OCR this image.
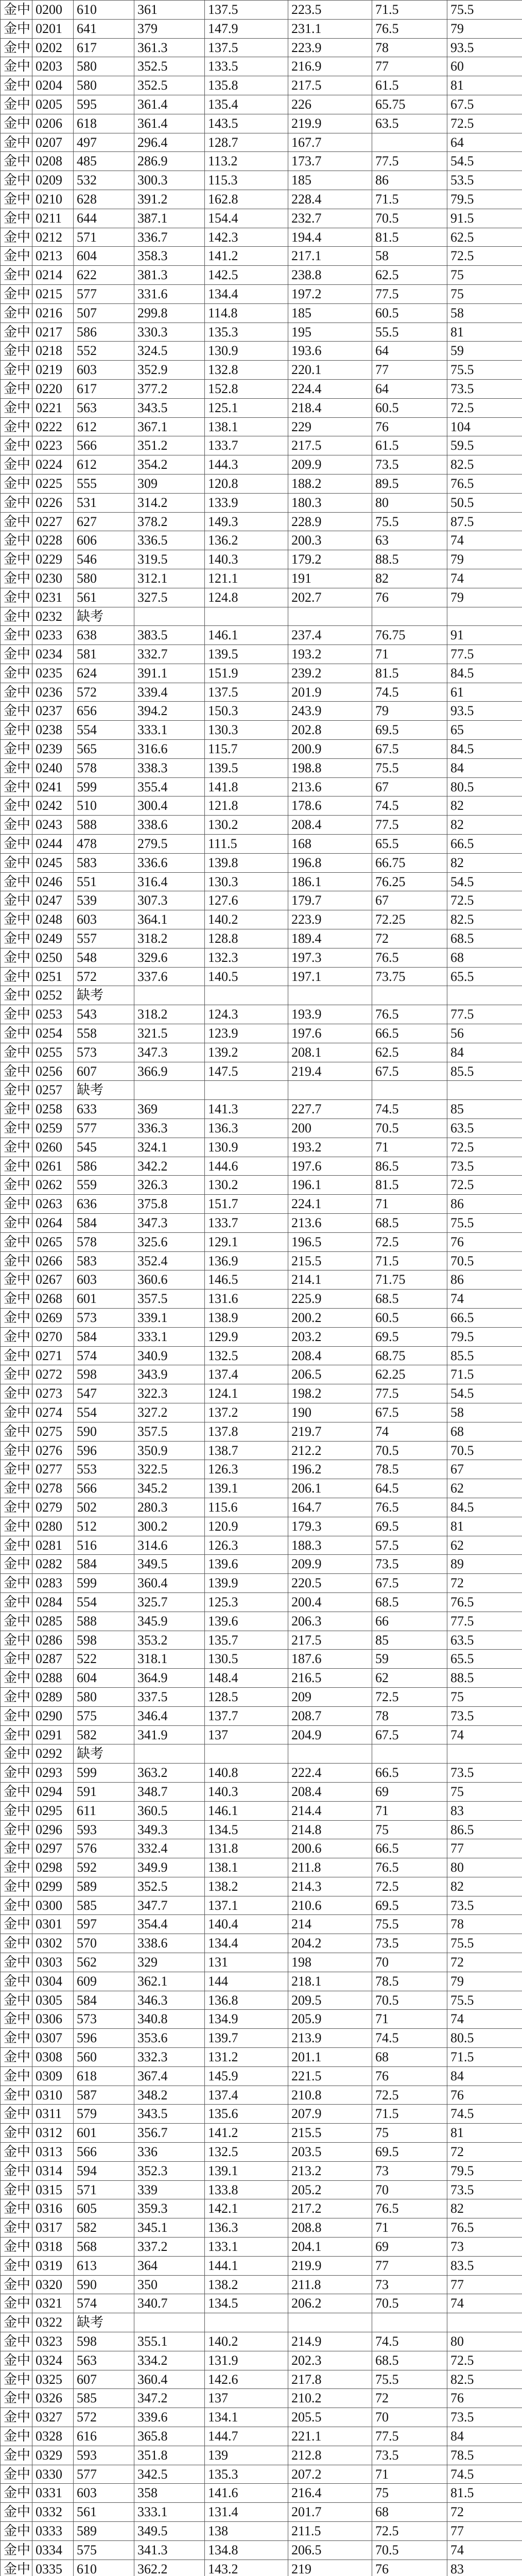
金中	0200	610	361	137.5	223.5	71.5	75.5
金中	0201	641	379	147.9	231.1	76.5	79
金中	0202	617	361.3	137.5	223.9	78	93.5
金中	0203	580	352.5	133.5	216.9	77	60
金中	0204	580	352.5	135.8	217.5	61.5	81
金中	0205	595	361.4	135.4	226	65.75	67.5
金中	0206	618	361.4	143.5	219.9	63.5	72.5
金中	0207	497	296.4	128.7	167.7		64
金中	0208	485	286.9	113.2	173.7	77.5	54.5
金中	0209	532	300.3	115.3	185	86	53.5
金中	0210	628	391.2	162.8	228.4	71.5	79.5
金中	0211	644	387.1	154.4	232.7	70.5	91.5
金中	0212	571	336.7	142.3	194.4	81.5	62.5
金中	0213	604	358.3	141.2	217.1	58	72.5
金中	0214	622	381.3	142.5	238.8	62.5	75
金中	0215	577	331.6	134.4	197.2	77.5	75
金中	0216	507	299.8	114.8	185	60.5	58
金中	0217	586	330.3	135.3	195	55.5	81
金中	0218	552	324.5	130.9	193.6	64	59
金中	0219	603	352.9	132.8	220.1	77	75.5
金中	0220	617	377.2	152.8	224.4	64	73.5
金中	0221	563	343.5	125.1	218.4	60.5	72.5
金中	0222	612	367.1	138.1	229	76	104
金中	0223	566	351.2	133.7	217.5	61.5	59.5
金中	0224	612	354.2	144.3	209.9	73.5	82.5
金中	0225	555	309	120.8	188.2	89.5	76.5
金中	0226	531	314.2	133.9	180.3	80	50.5
金中	0227	627	378.2	149.3	228.9	75.5	87.5
金中	0228	606	336.5	136.2	200.3	63	74
金中	0229	546	319.5	140.3	179.2	88.5	79
金中	0230	580	312.1	121.1	191	82	74
金中	0231	561	327.5	124.8	202.7	76	79
金中	0232	缺考					
金中	0233	638	383.5	146.1	237.4	76.75	91
金中	0234	581	332.7	139.5	193.2	71	77.5
金中	0235	624	391.1	151.9	239.2	81.5	84.5
金中	0236	572	339.4	137.5	201.9	74.5	61
金中	0237	656	394.2	150.3	243.9	79	93.5
金中	0238	554	333.1	130.3	202.8	69.5	65
金中	0239	565	316.6	115.7	200.9	67.5	84.5
金中	0240	578	338.3	139.5	198.8	75.5	84
金中	0241	599	355.4	141.8	213.6	67	80.5
金中	0242	510	300.4	121.8	178.6	74.5	82
金中	0243	588	338.6	130.2	208.4	77.5	82
金中	0244	478	279.5	111.5	168	65.5	66.5
金中	0245	583	336.6	139.8	196.8	66.75	82
金中	0246	551	316.4	130.3	186.1	76.25	54.5
金中	0247	539	307.3	127.6	179.7	67	72.5
金中	0248	603	364.1	140.2	223.9	72.25	82.5
金中	0249	557	318.2	128.8	189.4	72	68.5
金中	0250	548	329.6	132.3	197.3	76.5	68
金中	0251	572	337.6	140.5	197.1	73.75	65.5
金中	0252	缺考					
金中	0253	543	318.2	124.3	193.9	76.5	77.5
金中	0254	558	321.5	123.9	197.6	66.5	56
金中	0255	573	347.3	139.2	208.1	62.5	84
金中	0256	607	366.9	147.5	219.4	67.5	85.5
金中	0257	缺考					
金中	0258	633	369	141.3	227.7	74.5	85
金中	0259	577	336.3	136.3	200	70.5	63.5
金中	0260	545	324.1	130.9	193.2	71	72.5
金中	0261	586	342.2	144.6	197.6	86.5	73.5
金中	0262	559	326.3	130.2	196.1	81.5	72.5
金中	0263	636	375.8	151.7	224.1	71	86
金中	0264	584	347.3	133.7	213.6	68.5	75.5
金中	0265	578	325.6	129.1	196.5	72.5	76
金中	0266	583	352.4	136.9	215.5	71.5	70.5
金中	0267	603	360.6	146.5	214.1	71.75	86
金中	0268	601	357.5	131.6	225.9	68.5	74
金中	0269	573	339.1	138.9	200.2	60.5	66.5
金中	0270	584	333.1	129.9	203.2	69.5	79.5
金中	0271	574	340.9	132.5	208.4	68.75	85.5
金中	0272	598	343.9	137.4	206.5	62.25	71.5
金中	0273	547	322.3	124.1	198.2	77.5	54.5
金中	0274	554	327.2	137.2	190	67.5	58
金中	0275	590	357.5	137.8	219.7	74	68
金中	0276	596	350.9	138.7	212.2	70.5	70.5
金中	0277	553	322.5	126.3	196.2	78.5	67
金中	0278	566	345.2	139.1	206.1	64.5	62
金中	0279	502	280.3	115.6	164.7	76.5	84.5
金中	0280	512	300.2	120.9	179.3	69.5	81
金中	0281	516	314.6	126.3	188.3	57.5	62
金中	0282	584	349.5	139.6	209.9	73.5	89
金中	0283	599	360.4	139.9	220.5	67.5	72
金中	0284	554	325.7	125.3	200.4	68.5	76.5
金中	0285	588	345.9	139.6	206.3	66	77.5
金中	0286	598	353.2	135.7	217.5	85	63.5
金中	0287	522	318.1	130.5	187.6	59	65.5
金中	0288	604	364.9	148.4	216.5	62	88.5
金中	0289	580	337.5	128.5	209	72.5	75
金中	0290	575	346.4	137.7	208.7	78	73.5
金中	0291	582	341.9	137	204.9	67.5	74
金中	0292	缺考					
金中	0293	599	363.2	140.8	222.4	66.5	73.5
金中	0294	591	348.7	140.3	208.4	69	75
金中	0295	611	360.5	146.1	214.4	71	83
金中	0296	593	349.3	134.5	214.8	75	86.5
金中	0297	576	332.4	131.8	200.6	66.5	77
金中	0298	592	349.9	138.1	211.8	76.5	80
金中	0299	589	352.5	138.2	214.3	72.5	82
金中	0300	585	347.7	137.1	210.6	69.5	73.5
金中	0301	597	354.4	140.4	214	75.5	78
金中	0302	570	338.6	134.4	204.2	73.5	75.5
金中	0303	562	329	131	198	70	72
金中	0304	609	362.1	144	218.1	78.5	79
金中	0305	584	346.3	136.8	209.5	70.5	75.5
金中	0306	573	340.8	134.9	205.9	71	74
金中	0307	596	353.6	139.7	213.9	74.5	80.5
金中	0308	560	332.3	131.2	201.1	68	71.5
金中	0309	618	367.4	145.9	221.5	76	84
金中	0310	587	348.2	137.4	210.8	72.5	76
金中	0311	579	343.5	135.6	207.9	71.5	74.5
金中	0312	601	356.7	141.2	215.5	75	81
金中	0313	566	336	132.5	203.5	69.5	72
金中	0314	594	352.3	139.1	213.2	73	79.5
金中	0315	571	339	133.8	205.2	70	73.5
金中	0316	605	359.3	142.1	217.2	76.5	82
金中	0317	582	345.1	136.3	208.8	71	76.5
金中	0318	568	337.2	133.1	204.1	69	73
金中	0319	613	364	144.1	219.9	77	83.5
金中	0320	590	350	138.2	211.8	73	77
金中	0321	574	340.7	134.5	206.2	70.5	74
金中	0322	缺考					
金中	0323	598	355.1	140.2	214.9	74.5	80
金中	0324	563	334.2	131.9	202.3	68.5	72.5
金中	0325	607	360.4	142.6	217.8	75.5	82.5
金中	0326	585	347.2	137	210.2	72	76
金中	0327	572	339.6	134.1	205.5	70	73.5
金中	0328	616	365.8	144.7	221.1	77.5	84
金中	0329	593	351.8	139	212.8	73.5	78.5
金中	0330	577	342.5	135.3	207.2	71	74.5
金中	0331	603	358	141.6	216.4	75	81.5
金中	0332	561	333.1	131.4	201.7	68	72
金中	0333	589	349.5	138	211.5	72.5	77
金中	0334	575	341.3	134.8	206.5	70.5	74
金中	0335	610	362.2	143.2	219	76	83
